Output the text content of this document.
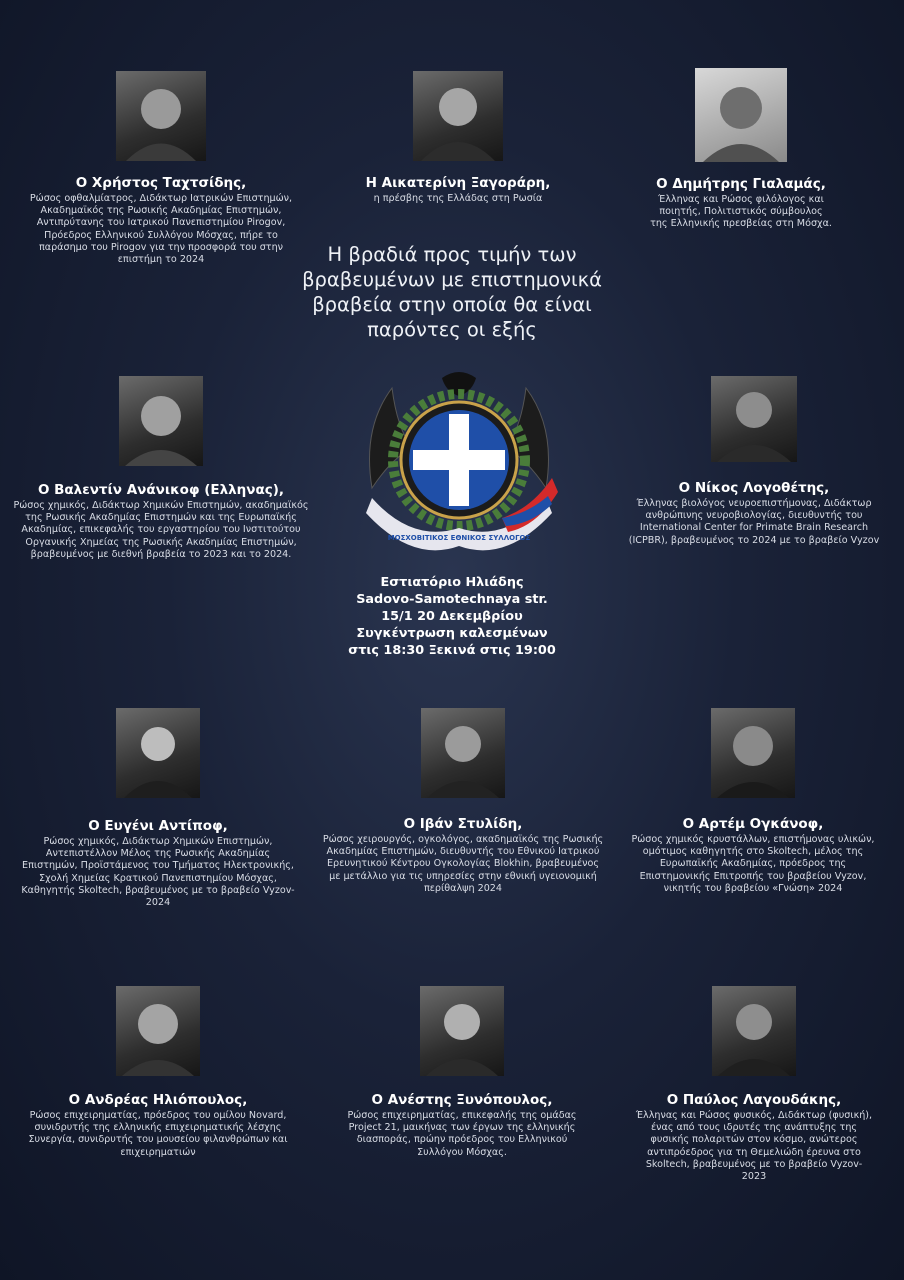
Ο Χρήστος Ταχτσίδης,
Ρώσος οφθαλμίατρος, Διδάκτωρ Ιατρικών Επιστημών, Ακαδημαϊκός της Ρωσικής Ακαδημίας Επιστημών, Αντιπρύτανης του Ιατρικού Πανεπιστημίου Pirogov, Πρόεδρος Ελληνικού Συλλόγου Μόσχας, πήρε το παράσημο του Pirogov για την προσφορά του στην επιστήμη το 2024
Η Αικατερίνη Ξαγοράρη,
η πρέσβης της Ελλάδας στη Ρωσία
Ο Δημήτρης Γιαλαμάς,
Έλληνας και Ρώσος φιλόλογος και ποιητής, Πολιτιστικός σύμβουλος της Ελληνικής πρεσβείας στη Μόσχα.
Η βραδιά προς τιμήν των βραβευμένων με επιστημονικά βραβεία στην οποία θα είναι παρόντες οι εξής
Ο Βαλεντίν Ανάνικοφ (Ελληνας),
Ρώσος χημικός, Διδάκτωρ Χημικών Επιστημών, ακαδημαϊκός της Ρωσικής Ακαδημίας Επιστημών και της Ευρωπαϊκής Ακαδημίας, επικεφαλής του εργαστηρίου του Ινστιτούτου Οργανικής Χημείας της Ρωσικής Ακαδημίας Επιστημών, βραβευμένος με διεθνή βραβεία το 2023 και το 2024.
ΜΟΣΧΟΒΙΤΙΚΟΣ ΕΘΝΙΚΟΣ ΣΥΛΛΟΓΟΣ
Ο Νίκος Λογοθέτης,
Έλληνας βιολόγος νευροεπιστήμονας, Διδάκτωρ ανθρώπινης νευροβιολογίας, διευθυντής του International Center for Primate Brain Research (ICPBR), βραβευμένος το 2024 με το βραβείο Vyzov
Εστιατόριο Ηλιάδης
Sadovo-Samotechnaya str.
15/1 20 Δεκεμβρίου
Συγκέντρωση καλεσμένων
στις 18:30 Ξεκινά στις 19:00
Ο Ευγένι Αντίποφ,
Ρώσος χημικός, Διδάκτωρ Χημικών Επιστημών, Αντεπιστέλλον Μέλος της Ρωσικής Ακαδημίας Επιστημών, Προϊστάμενος του Τμήματος Ηλεκτρονικής, Σχολή Χημείας Κρατικού Πανεπιστημίου Μόσχας, Καθηγητής Skoltech, βραβευμένος με το βραβείο Vyzov-2024
Ο Ιβάν Στυλίδη,
Ρώσος χειρουργός, ογκολόγος, ακαδημαϊκός της Ρωσικής Ακαδημίας Επιστημών, διευθυντής του Εθνικού Ιατρικού Ερευνητικού Κέντρου Ογκολογίας Blokhin, βραβευμένος με μετάλλιο για τις υπηρεσίες στην εθνική υγειονομική περίθαλψη 2024
Ο Αρτέμ Ογκάνοφ,
Ρώσος χημικός κρυστάλλων, επιστήμονας υλικών, ομότιμος καθηγητής στο Skoltech, μέλος της Ευρωπαϊκής Ακαδημίας, πρόεδρος της Επιστημονικής Επιτροπής του βραβείου Vyzov, νικητής του βραβείου «Γνώση» 2024
Ο Ανδρέας Ηλιόπουλος,
Ρώσος επιχειρηματίας, πρόεδρος του ομίλου Novard, συνιδρυτής της ελληνικής επιχειρηματικής λέσχης Συνεργία, συνιδρυτής του μουσείου φιλανθρώπων και επιχειρηματιών
Ο Ανέστης Ξυνόπουλος,
Ρώσος επιχειρηματίας, επικεφαλής της ομάδας Project 21, μαικήνας των έργων της ελληνικής διασποράς, πρώην πρόεδρος του Ελληνικού Συλλόγου Μόσχας.
Ο Παύλος Λαγουδάκης,
Έλληνας και Ρώσος φυσικός, Διδάκτωρ (φυσική), ένας από τους ιδρυτές της ανάπτυξης της φυσικής πολαριτών στον κόσμο, ανώτερος αντιπρόεδρος για τη Θεμελιώδη έρευνα στο Skoltech, βραβευμένος με το βραβείο Vyzov-2023
